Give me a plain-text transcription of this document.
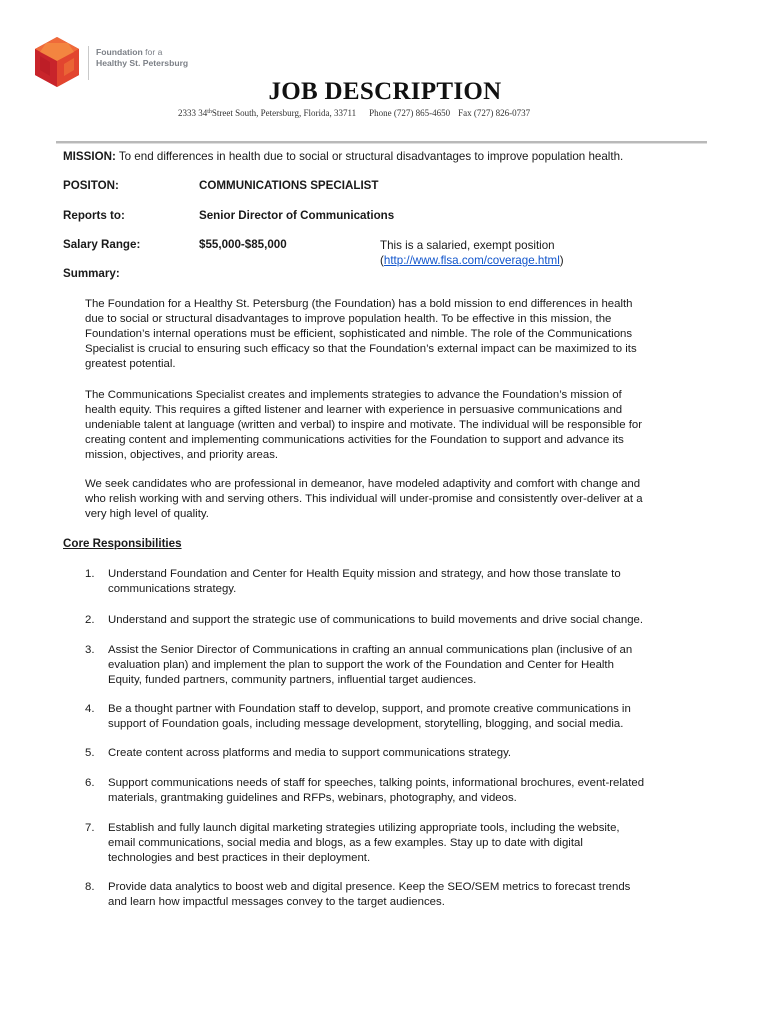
Foundation for a
Healthy St. Petersburg
JOB DESCRIPTION
2333 34thStreet South, Petersburg, Florida, 33711 Phone (727) 865-4650 Fax (727) 826-0737
MISSION: To end differences in health due to social or structural disadvantages to improve population health.
POSITON:	COMMUNICATIONS SPECIALIST
Reports to:	Senior Director of Communications
Salary Range:	$55,000-$85,000	This is a salaried, exempt position
(http://www.flsa.com/coverage.html)
Summary:
The Foundation for a Healthy St. Petersburg (the Foundation) has a bold mission to end differences in health
due to social or structural disadvantages to improve population health. To be effective in this mission, the
Foundation’s internal operations must be efficient, sophisticated and nimble. The role of the Communications
Specialist is crucial to ensuring such efficacy so that the Foundation’s external impact can be maximized to its
greatest potential.
The Communications Specialist creates and implements strategies to advance the Foundation’s mission of
health equity. This requires a gifted listener and learner with experience in persuasive communications and
undeniable talent at language (written and verbal) to inspire and motivate. The individual will be responsible for
creating content and implementing communications activities for the Foundation to support and advance its
mission, objectives, and priority areas.
We seek candidates who are professional in demeanor, have modeled adaptivity and comfort with change and
who relish working with and serving others. This individual will under-promise and consistently over-deliver at a
very high level of quality.
Core Responsibilities
1. Understand Foundation and Center for Health Equity mission and strategy, and how those translate to
communications strategy.
2. Understand and support the strategic use of communications to build movements and drive social change.
3. Assist the Senior Director of Communications in crafting an annual communications plan (inclusive of an
evaluation plan) and implement the plan to support the work of the Foundation and Center for Health
Equity, funded partners, community partners, influential target audiences.
4. Be a thought partner with Foundation staff to develop, support, and promote creative communications in
support of Foundation goals, including message development, storytelling, blogging, and social media.
5. Create content across platforms and media to support communications strategy.
6. Support communications needs of staff for speeches, talking points, informational brochures, event-related
materials, grantmaking guidelines and RFPs, webinars, photography, and videos.
7. Establish and fully launch digital marketing strategies utilizing appropriate tools, including the website,
email communications, social media and blogs, as a few examples. Stay up to date with digital
technologies and best practices in their deployment.
8. Provide data analytics to boost web and digital presence. Keep the SEO/SEM metrics to forecast trends
and learn how impactful messages convey to the target audiences.
